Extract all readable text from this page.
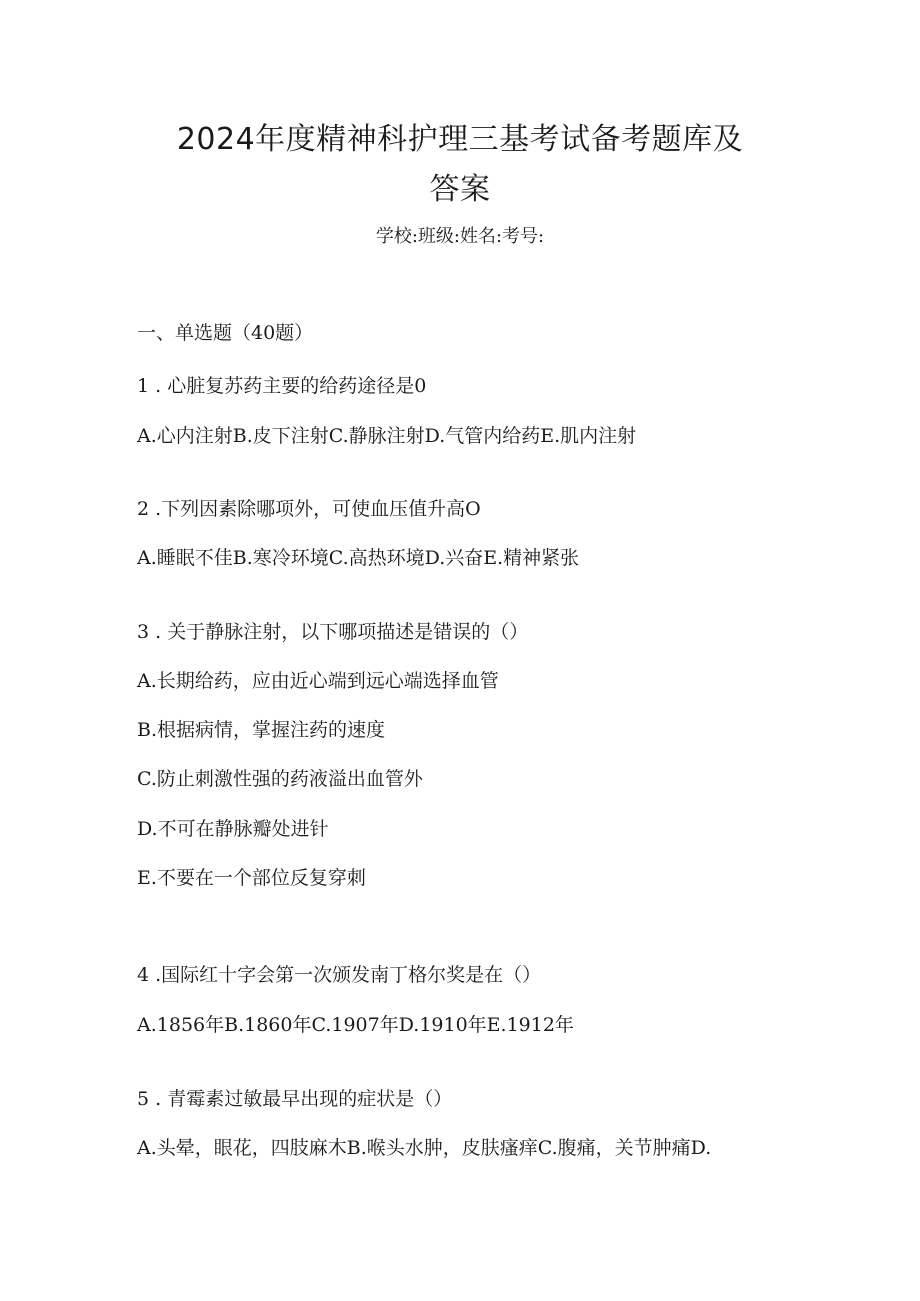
2024年度精神科护理三基考试备考题库及
答案
学校:班级:姓名:考号:
一、单选题（40题）
1 . 心脏复苏药主要的给药途径是0
A.心内注射B.皮下注射C.静脉注射D.气管内给药E.肌内注射
2 .下列因素除哪项外，可使血压值升高O
A.睡眠不佳B.寒冷环境C.高热环境D.兴奋E.精神紧张
3 . 关于静脉注射，以下哪项描述是错误的（）
A.长期给药，应由近心端到远心端选择血管
B.根据病情，掌握注药的速度
C.防止刺激性强的药液溢出血管外
D.不可在静脉瓣处进针
E.不要在一个部位反复穿刺
4 .国际红十字会第一次颁发南丁格尔奖是在（）
A.1856年B.1860年C.1907年D.1910年E.1912年
5 . 青霉素过敏最早出现的症状是（）
A.头晕，眼花，四肢麻木B.喉头水肿，皮肤瘙痒C.腹痛，关节肿痛D.
